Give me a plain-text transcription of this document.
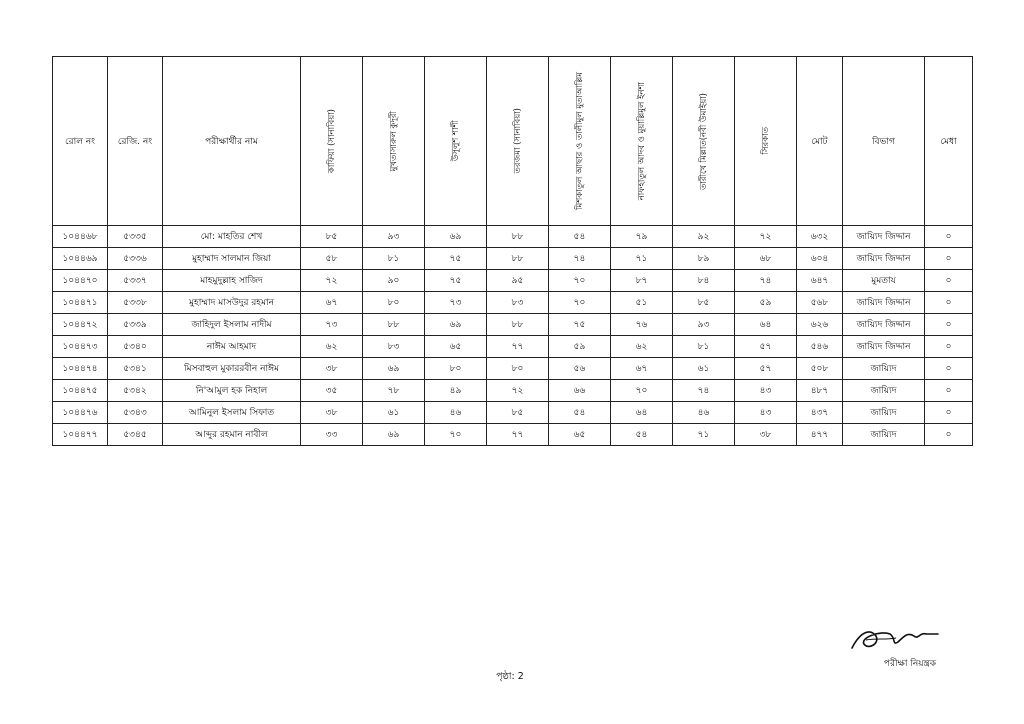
রোল নং	রেজি. নং	পরীক্ষার্থীর নাম	কাফিয়া (সানাবিয়া)	মুখতাসারুল কুদূরী	উসূলুশ শাশী	তরজমা (সানাবিয়া)	মিশকাতুল আছার ও তালীমুল মুতাআল্লিম	নাফহাতুল আদব ও মুয়াল্লিমুল ইনশা	তারীখে মিল্লাত(নবী উমাইয়া)	সিরকাত	মোট	বিভাগ	মেধা
১০৪৪৬৮	৫৩৩৫	মো: মাহতির শেখ	৮৫	৯৩	৬৯	৮৮	৫৪	৭৯	৯২	৭২	৬৩২	জায়্যিদ জিদ্দান	০
১০৪৪৬৯	৫৩৩৬	মুহাম্মাদ সালমান জিয়া	৫৮	৮১	৭৫	৮৮	৭৪	৭১	৮৯	৬৮	৬০৪	জায়্যিদ জিদ্দান	০
১০৪৪৭০	৫৩৩৭	মাহমুদুল্লাহ সাজিদ	৭২	৯০	৭৫	৯৫	৭০	৮৭	৮৪	৭৪	৬৪৭	মুমতায	০
১০৪৪৭১	৫৩৩৮	মুহাম্মাদ মাসউদুর রহমান	৬৭	৮০	৭৩	৮৩	৭০	৫১	৮৫	৫৯	৫৬৮	জায়্যিদ জিদ্দান	০
১০৪৪৭২	৫৩৩৯	জাহিদুল ইসলাম নাদীম	৭৩	৮৮	৬৯	৮৮	৭৫	৭৬	৯৩	৬৪	৬২৬	জায়্যিদ জিদ্দান	০
১০৪৪৭৩	৫৩৪০	নাঈম আহমাদ	৬২	৮৩	৬৫	৭৭	৫৯	৬২	৮১	৫৭	৫৪৬	জায়্যিদ জিদ্দান	০
১০৪৪৭৪	৫৩৪১	মিসবাহুল মুকাররবীন নাঈম	৩৮	৬৯	৮০	৮০	৫৬	৬৭	৬১	৫৭	৫০৮	জায়্যিদ	০
১০৪৪৭৫	৫৩৪২	নি'আমুল হক নিহাল	৩৫	৭৮	৪৯	৭২	৬৬	৭০	৭৪	৪৩	৪৮৭	জায়্যিদ	০
১০৪৪৭৬	৫৩৪৩	আমিনুল ইসলাম সিফাত	৩৮	৬১	৪৬	৮৫	৫৪	৬৪	৪৬	৪৩	৪৩৭	জায়্যিদ	০
১০৪৪৭৭	৫৩৪৫	আব্দুর রহমান নাবীল	৩৩	৬৯	৭০	৭৭	৬৫	৫৪	৭১	৩৮	৪৭৭	জায়্যিদ	০
পরীক্ষা নিয়ন্ত্রক
পৃষ্ঠা: 2
